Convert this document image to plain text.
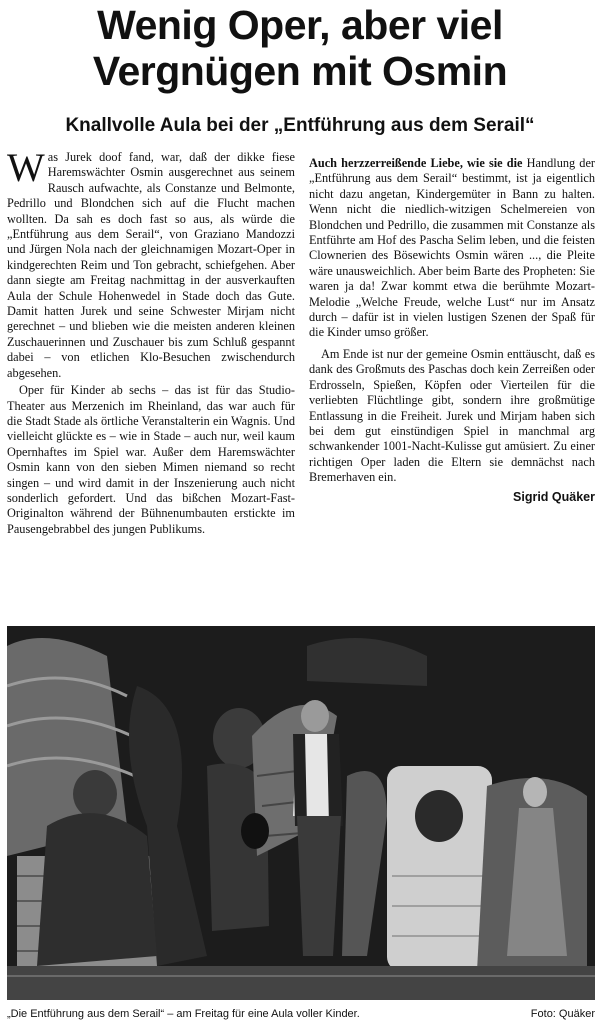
Wenig Oper, aber viel Vergnügen mit Osmin
Knallvolle Aula bei der „Entführung aus dem Serail“

Was Jurek doof fand, war, daß der dikke fiese Haremswächter Osmin ausgerechnet aus seinem Rausch aufwachte, als Constanze und Belmonte, Pedrillo und Blondchen sich auf die Flucht machen wollten. Da sah es doch fast so aus, als würde die „Entführung aus dem Serail“, von Graziano Mandozzi und Jürgen Nola nach der gleichnamigen Mozart-Oper in kindgerechten Reim und Ton gebracht, schiefgehen. Aber dann siegte am Freitag nachmittag in der ausverkauften Aula der Schule Hohenwedel in Stade doch das Gute. Damit hatten Jurek und seine Schwester Mirjam nicht gerechnet – und blieben wie die meisten anderen kleinen Zuschauerinnen und Zuschauer bis zum Schluß gespannt dabei – von etlichen Klo-Besuchen zwischendurch abgesehen.

Oper für Kinder ab sechs – das ist für das Studio-Theater aus Merzenich im Rheinland, das war auch für die Stadt Stade als örtliche Veranstalterin ein Wagnis. Und vielleicht glückte es – wie in Stade – auch nur, weil kaum Opernhaftes im Spiel war. Außer dem Haremswächter Osmin kann von den sieben Mimen niemand so recht singen – und wird damit in der Inszenierung auch nicht sonderlich gefordert. Und das bißchen Mozart-Fast-Originalton während der Bühnenumbauten erstickte im Pausengebrabbel des jungen Publikums.

Auch herzzerreißende Liebe, wie sie die Handlung der „Entführung aus dem Serail“ bestimmt, ist ja eigentlich nicht dazu angetan, Kindergemüter in Bann zu halten. Wenn nicht die niedlich-witzigen Schelmereien von Blondchen und Pedrillo, die zusammen mit Constanze als Entführte am Hof des Pascha Selim leben, und die feisten Clownerien des Bösewichts Osmin wären ..., die Pleite wäre unausweichlich. Aber beim Barte des Propheten: Sie waren ja da! Zwar kommt etwa die berühmte Mozart-Melodie „Welche Freude, welche Lust“ nur im Ansatz durch – dafür ist in vielen lustigen Szenen der Spaß für die Kinder umso größer.

Am Ende ist nur der gemeine Osmin enttäuscht, daß es dank des Großmuts des Paschas doch kein Zerreißen oder Erdrosseln, Spießen, Köpfen oder Vierteilen für die verliebten Flüchtlinge gibt, sondern ihre großmütige Entlassung in die Freiheit. Jurek und Mirjam haben sich bei dem gut einstündigen Spiel in manchmal arg schwankender 1001-Nacht-Kulisse gut amüsiert. Zu einer richtigen Oper laden die Eltern sie demnächst nach Bremerhaven ein.

Sigrid Quäker
„Die Entführung aus dem Serail“ – am Freitag für eine Aula voller Kinder.	Foto: Quäker
